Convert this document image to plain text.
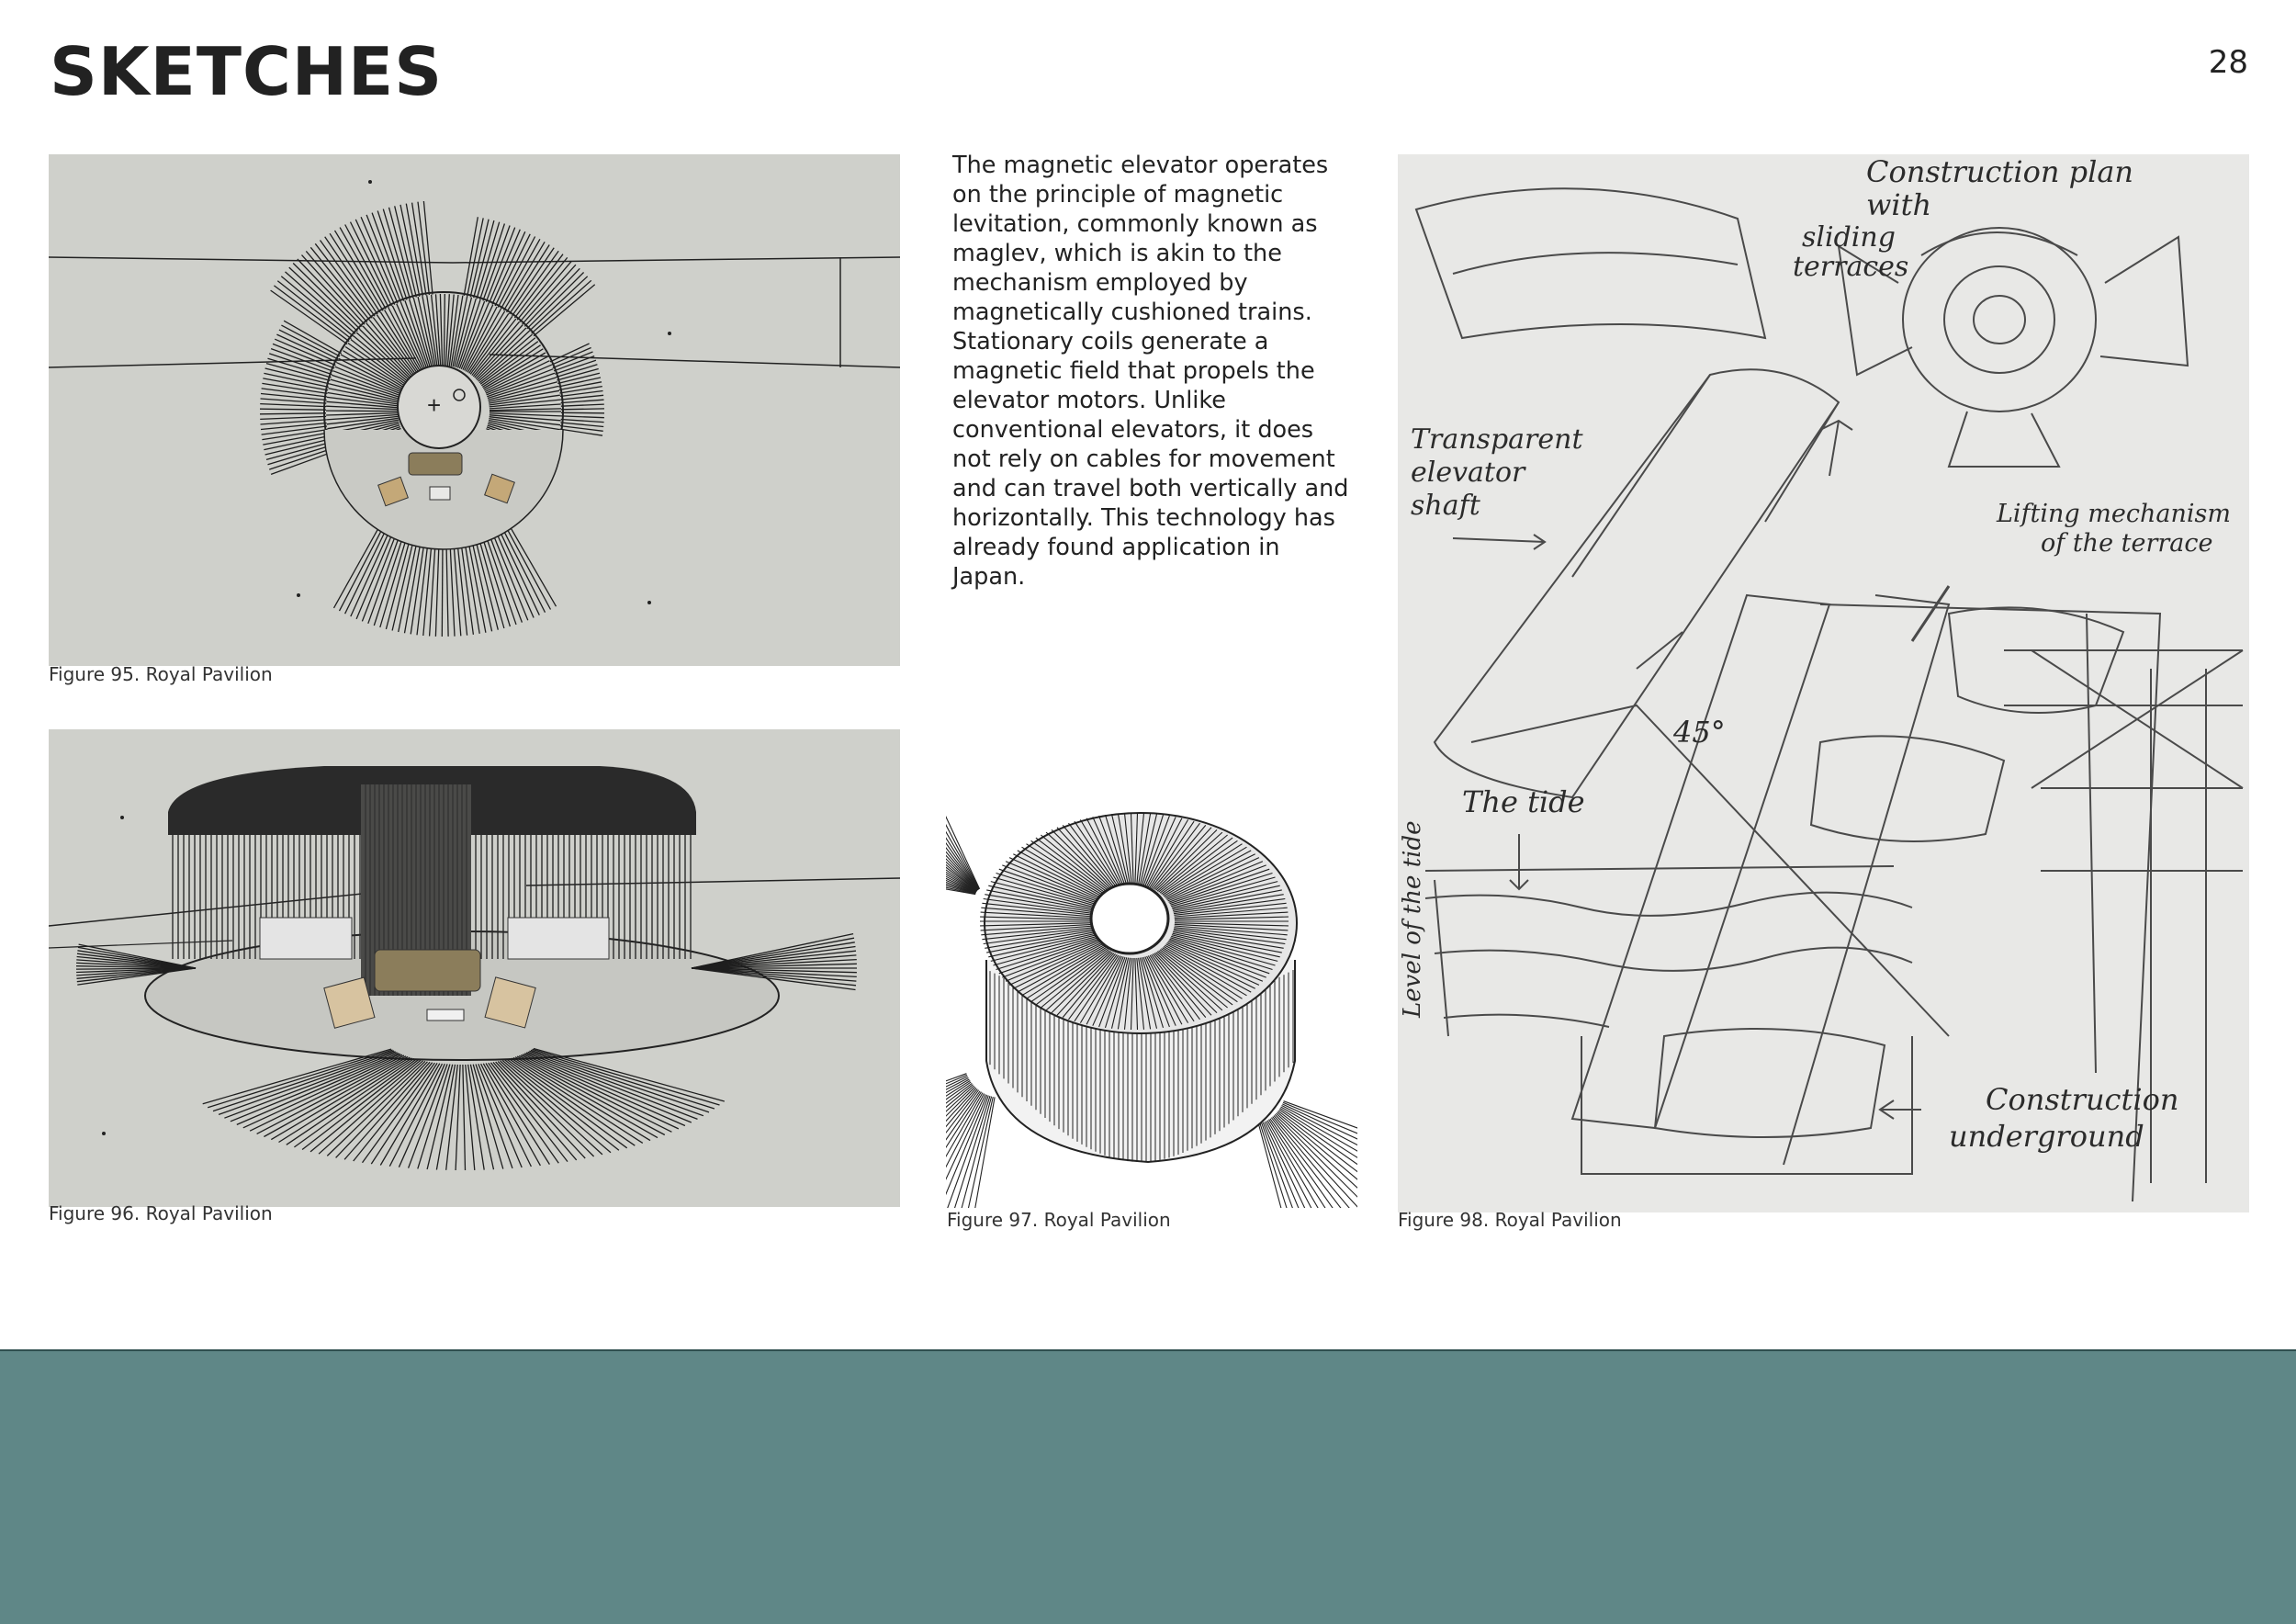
SKETCHES	28
+
Figure 95. Royal Pavilion
Figure 96. Royal Pavilion

The magnetic elevator operates on the principle of magnetic levitation, commonly known as maglev, which is akin to the mechanism employed by magnetically cushioned trains. Stationary coils generate a magnetic field that propels the elevator motors. Unlike conventional elevators, it does not rely on cables for movement and can travel both vertically and horizontally. This technology has already found application in Japan.

Figure 97. Royal Pavilion
Construction plan
with
sliding
terraces
Transparent
elevator
shaft	Lifting mechanism
of the terrace
45°
The tide
Level of the tide
Construction
underground
Figure 98. Royal Pavilion
